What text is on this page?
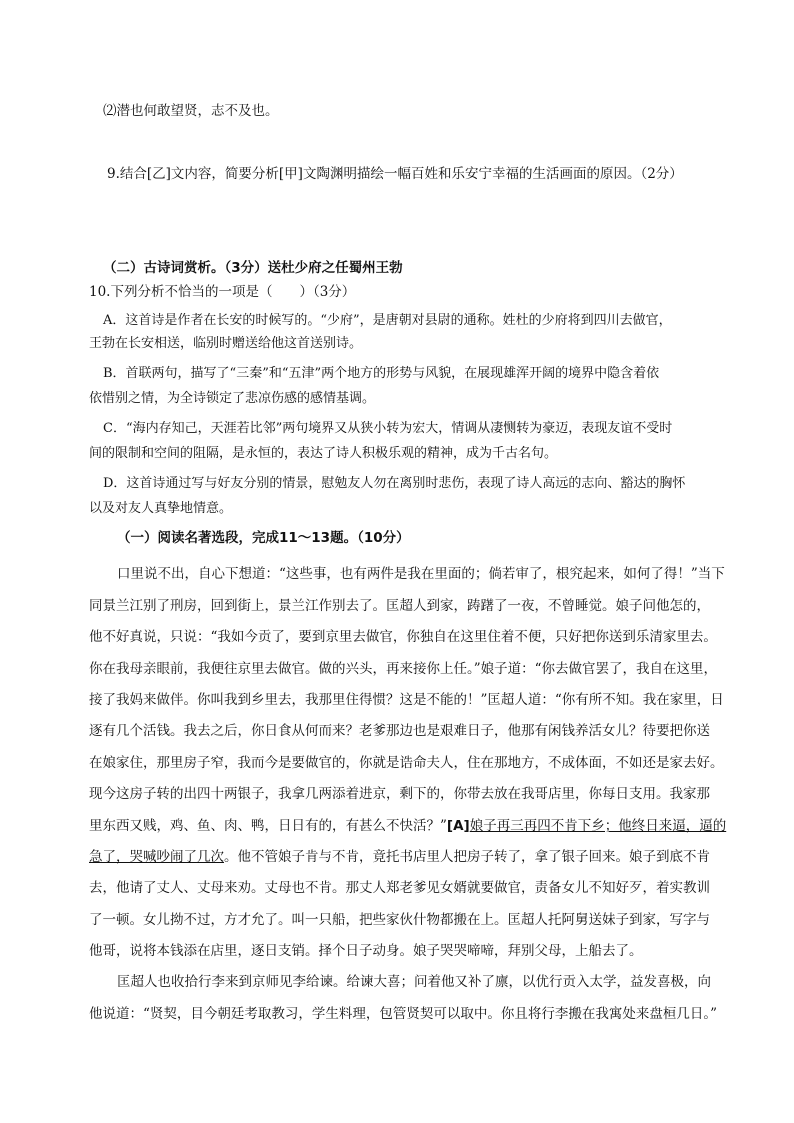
⑵潜也何敢望贤，志不及也。
9.结合[乙]文内容，简要分析[甲]文陶渊明描绘一幅百姓和乐安宁幸福的生活画面的原因。（2分）
（二）古诗词赏析。（3分）送杜少府之任蜀州王勃
10.下列分析不恰当的一项是（　　）（3分）
A．这首诗是作者在长安的时候写的。“少府”，是唐朝对县尉的通称。姓杜的少府将到四川去做官，
王勃在长安相送，临别时赠送给他这首送别诗。
B．首联两句，描写了“三秦”和“五津”两个地方的形势与风貌，在展现雄浑开阔的境界中隐含着依
依惜别之情，为全诗锁定了悲凉伤感的感情基调。
C．“海内存知己，天涯若比邻”两句境界又从狭小转为宏大，情调从凄恻转为豪迈，表现友谊不受时
间的限制和空间的阻隔，是永恒的，表达了诗人积极乐观的精神，成为千古名句。
D．这首诗通过写与好友分别的情景，慰勉友人勿在离别时悲伤，表现了诗人高远的志向、豁达的胸怀
以及对友人真挚地情意。
（一）阅读名著选段，完成11～13题。（10分）
口里说不出，自心下想道：“这些事，也有两件是我在里面的；倘若审了，根究起来，如何了得！”当下
同景兰江别了刑房，回到街上，景兰江作别去了。匡超人到家，踌躇了一夜，不曾睡觉。娘子问他怎的，
他不好真说，只说：“我如今贡了，要到京里去做官，你独自在这里住着不便，只好把你送到乐清家里去。
你在我母亲眼前，我便往京里去做官。做的兴头，再来接你上任。”娘子道：“你去做官罢了，我自在这里，
接了我妈来做伴。你叫我到乡里去，我那里住得惯？这是不能的！”匡超人道：“你有所不知。我在家里，日
逐有几个活钱。我去之后，你日食从何而来？老爹那边也是艰难日子，他那有闲钱养活女儿？待要把你送
在娘家住，那里房子窄，我而今是要做官的，你就是诰命夫人，住在那地方，不成体面，不如还是家去好。
现今这房子转的出四十两银子，我拿几两添着进京，剩下的，你带去放在我哥店里，你每日支用。我家那
里东西又贱，鸡、鱼、肉、鸭，日日有的，有甚么不快活？”[A]娘子再三再四不肯下乡；他终日来逼，逼的
急了，哭喊吵闹了几次。他不管娘子肯与不肯，竟托书店里人把房子转了，拿了银子回来。娘子到底不肯
去，他请了丈人、丈母来劝。丈母也不肯。那丈人郑老爹见女婿就要做官，责备女儿不知好歹，着实教训
了一顿。女儿拗不过，方才允了。叫一只船，把些家伙什物都搬在上。匡超人托阿舅送妹子到家，写字与
他哥，说将本钱添在店里，逐日支销。择个日子动身。娘子哭哭啼啼，拜别父母，上船去了。
匡超人也收拾行李来到京师见李给谏。给谏大喜；问着他又补了廪，以优行贡入太学，益发喜极，向
他说道：“贤契，目今朝廷考取教习，学生料理，包管贤契可以取中。你且将行李搬在我寓处来盘桓几日。”
